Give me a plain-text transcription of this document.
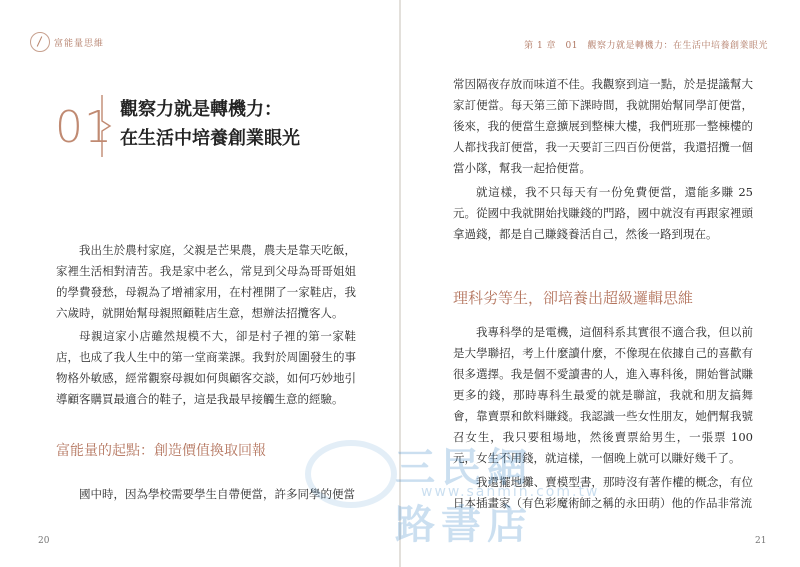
富能量思維
01 觀察力就是轉機力：
在生活中培養創業眼光

我出生於農村家庭，父親是芒果農，農夫是靠天吃飯，家裡生活相對清苦。我是家中老么，常見到父母為哥哥姐姐的學費發愁，母親為了增補家用，在村裡開了一家鞋店，我六歲時，就開始幫母親照顧鞋店生意，想辦法招攬客人。

母親這家小店雖然規模不大，卻是村子裡的第一家鞋店，也成了我人生中的第一堂商業課。我對於周圍發生的事物格外敏感，經常觀察母親如何與顧客交談，如何巧妙地引導顧客購買最適合的鞋子，這是我最早接觸生意的經驗。

富能量的起點：創造價值換取回報

國中時，因為學校需要學生自帶便當，許多同學的便當

20
第 1 章　01　觀察力就是轉機力：在生活中培養創業眼光

常因隔夜存放而味道不佳。我觀察到這一點，於是提議幫大家訂便當。每天第三節下課時間，我就開始幫同學訂便當，後來，我的便當生意擴展到整棟大樓，我們班那一整棟樓的人都找我訂便當，我一天要訂三四百份便當，我還招攬一個當小隊，幫我一起拾便當。

就這樣，我不只每天有一份免費便當，還能多賺 25 元。從國中我就開始找賺錢的門路，國中就沒有再跟家裡頭拿過錢，都是自己賺錢養活自己，然後一路到現在。

理科劣等生，卻培養出超級邏輯思維

我專科學的是電機，這個科系其實很不適合我，但以前是大學聯招，考上什麼讀什麼，不像現在依據自己的喜歡有很多選擇。我是個不愛讀書的人，進入專科後，開始嘗試賺更多的錢，那時專科生最愛的就是聯誼，我就和朋友搞舞會，靠賣票和飲料賺錢。我認識一些女性朋友，她們幫我號召女生，我只要租場地，然後賣票給男生，一張票 100 元，女生不用錢，就這樣，一個晚上就可以賺好幾千了。

我還擺地攤、賣模型書，那時沒有著作權的概念，有位日本插畫家（有色彩魔術師之稱的永田萌）他的作品非常流

21
三民網路書店
www.sanmin.com.tw
